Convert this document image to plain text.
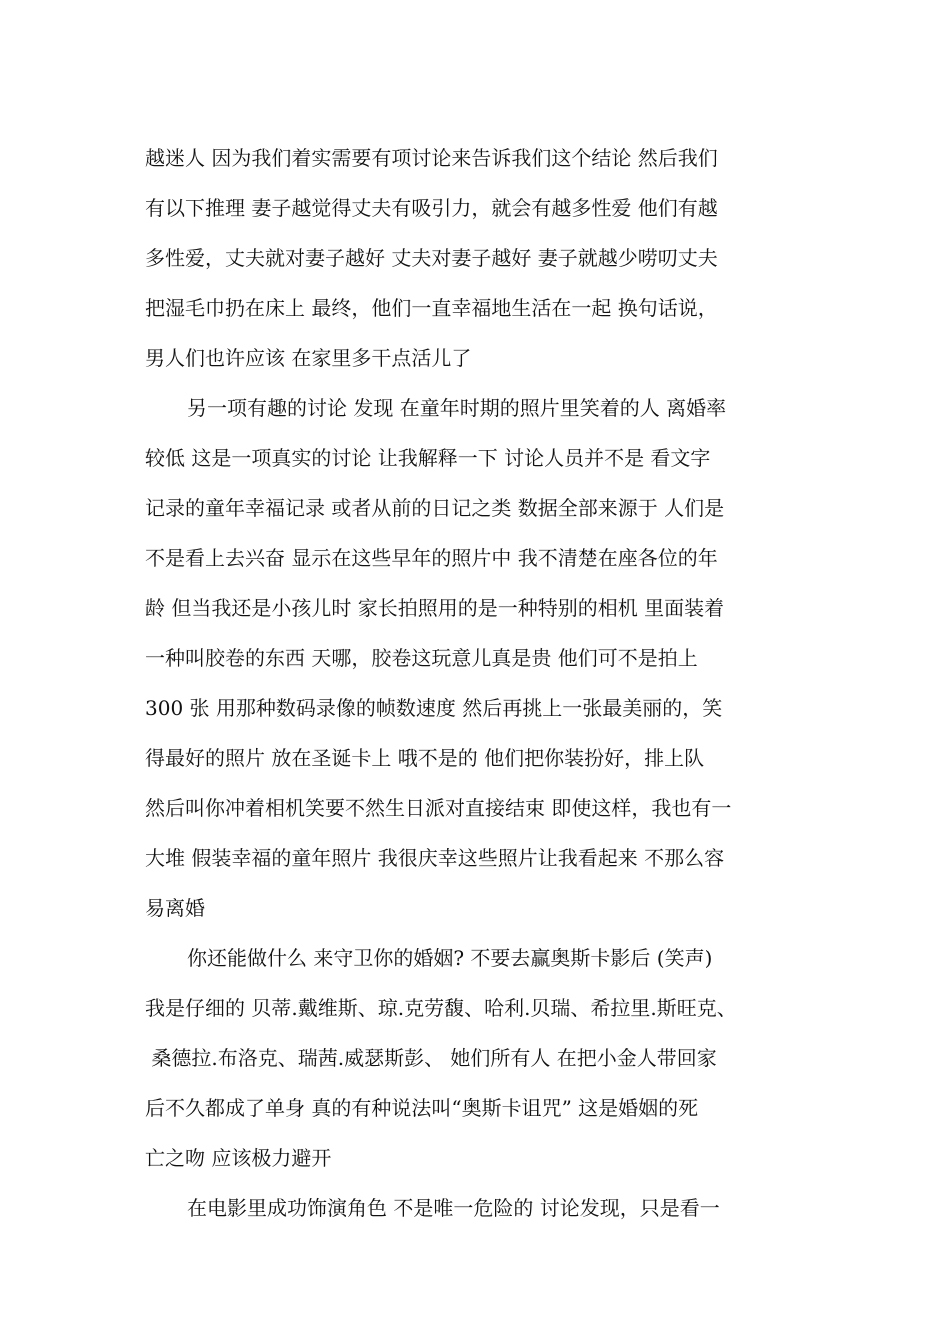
越迷人 因为我们着实需要有项讨论来告诉我们这个结论 然后我们
有以下推理 妻子越觉得丈夫有吸引力，就会有越多性爱 他们有越
多性爱，丈夫就对妻子越好 丈夫对妻子越好 妻子就越少唠叨丈夫
把湿毛巾扔在床上 最终，他们一直幸福地生活在一起 换句话说，
男人们也许应该 在家里多干点活儿了
另一项有趣的讨论 发现 在童年时期的照片里笑着的人 离婚率
较低 这是一项真实的讨论 让我解释一下 讨论人员并不是 看文字
记录的童年幸福记录 或者从前的日记之类 数据全部来源于 人们是
不是看上去兴奋 显示在这些早年的照片中 我不清楚在座各位的年
龄 但当我还是小孩儿时 家长拍照用的是一种特别的相机 里面装着
一种叫胶卷的东西 天哪，胶卷这玩意儿真是贵 他们可不是拍上
300 张 用那种数码录像的帧数速度 然后再挑上一张最美丽的，笑
得最好的照片 放在圣诞卡上 哦不是的 他们把你装扮好，排上队
然后叫你冲着相机笑要不然生日派对直接结束 即使这样，我也有一
大堆 假装幸福的童年照片 我很庆幸这些照片让我看起来 不那么容
易离婚
你还能做什么 来守卫你的婚姻? 不要去赢奥斯卡影后 (笑声)
我是仔细的 贝蒂.戴维斯、琼.克劳馥、哈利.贝瑞、希拉里.斯旺克、
桑德拉.布洛克、瑞茜.威瑟斯彭、 她们所有人 在把小金人带回家
后不久都成了单身 真的有种说法叫“奥斯卡诅咒” 这是婚姻的死
亡之吻 应该极力避开
在电影里成功饰演角色 不是唯一危险的 讨论发现，只是看一
